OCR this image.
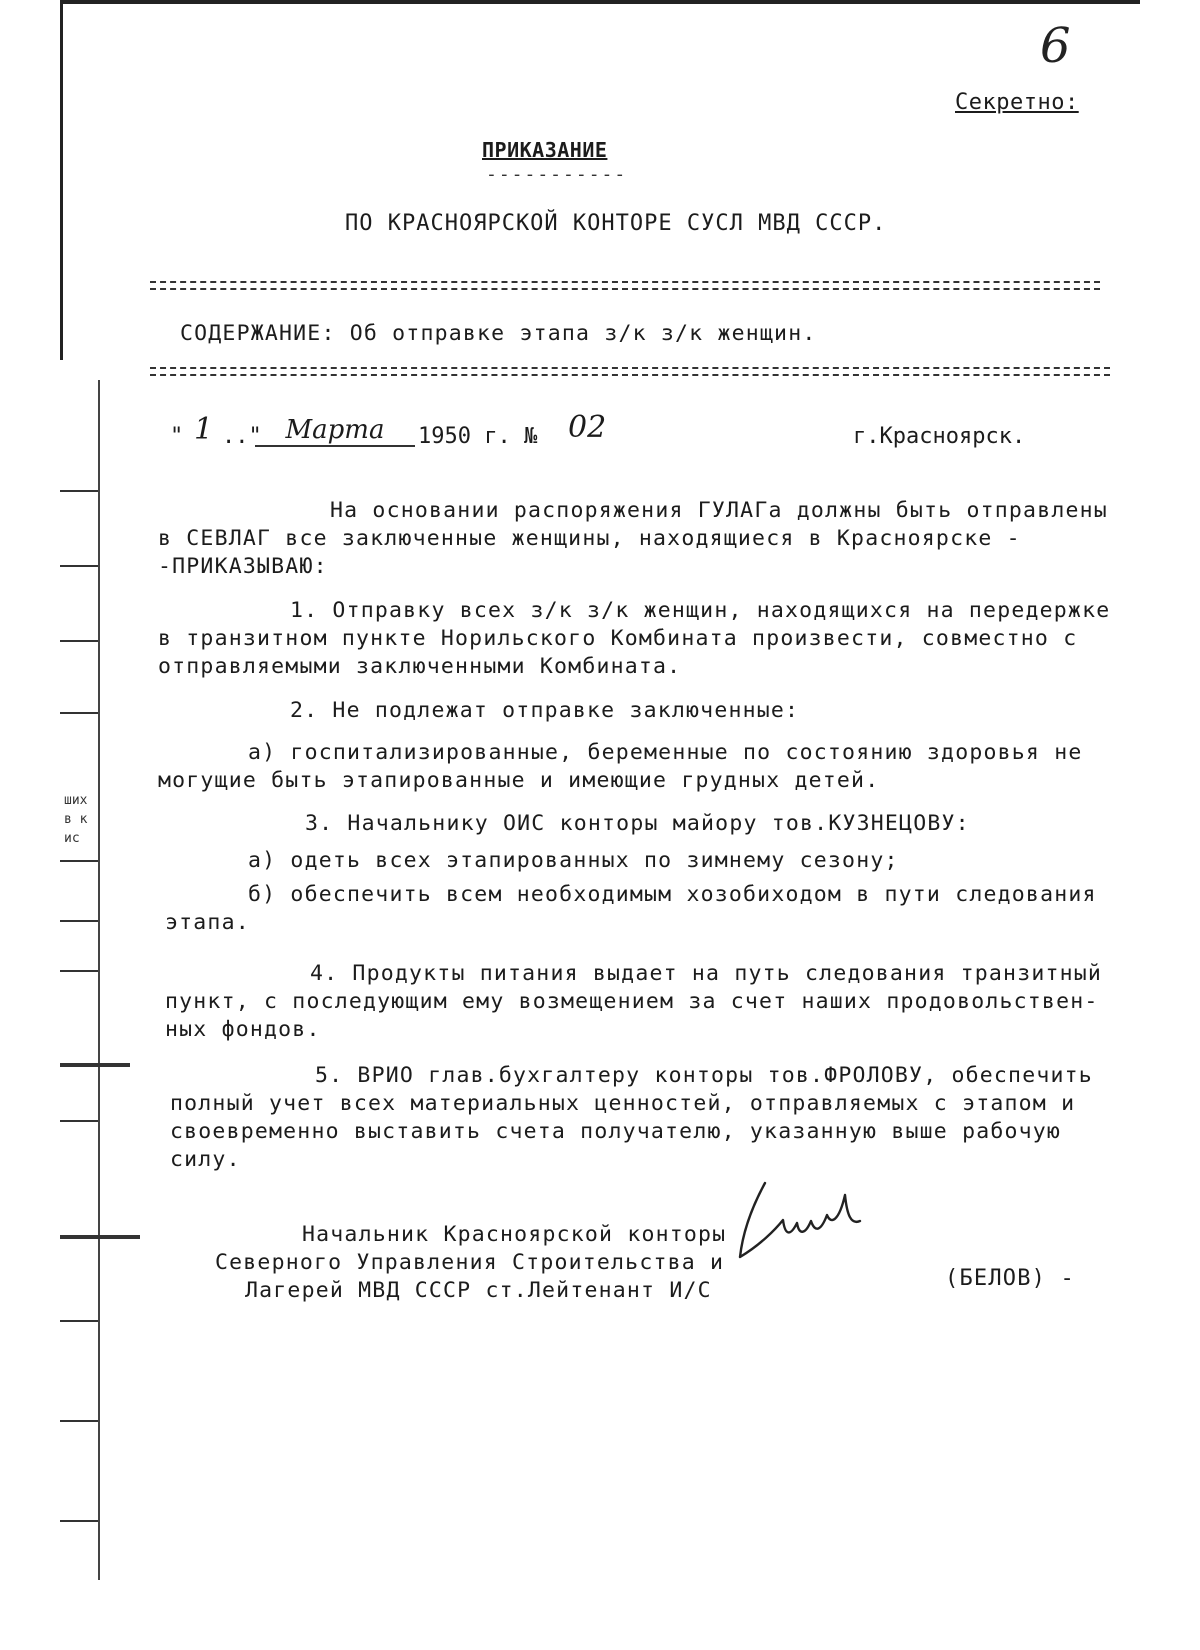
ших
в к
ис
6
Секретно:
ПРИКАЗАНИЕ
-----------
ПО КРАСНОЯРСКОЙ КОНТОРЕ СУСЛ МВД СССР.
СОДЕРЖАНИЕ: Об отправке этапа з/к з/к женщин.
" 1 .." Марта	1950 г. № 02	г.Красноярск.
На основании распоряжения ГУЛАГа должны быть отправлены
в СЕВЛАГ все заключенные женщины, находящиеся в Красноярске -
-ПРИКАЗЫВАЮ:
1. Отправку всех з/к з/к женщин, находящихся на передержке
в транзитном пункте Норильского Комбината произвести, совместно с
отправляемыми заключенными Комбината.
2. Не подлежат отправке заключенные:
а) госпитализированные, беременные по состоянию здоровья не
могущие быть этапированные и имеющие грудных детей.
3. Начальнику ОИС конторы майору тов.КУЗНЕЦОВУ:
а) одеть всех этапированных по зимнему сезону;
б) обеспечить всем необходимым хозобиходом в пути следования
этапа.
4. Продукты питания выдает на путь следования транзитный
пункт, с последующим ему возмещением за счет наших продовольствен-
ных фондов.
5. ВРИО глав.бухгалтеру конторы тов.ФРОЛОВУ, обеспечить
полный учет всех материальных ценностей, отправляемых с этапом и
своевременно выставить счета получателю, указанную выше рабочую
силу.
Начальник Красноярской конторы
Северного Управления Строительства и
Лагерей МВД СССР ст.Лейтенант И/С	(БЕЛОВ) -
